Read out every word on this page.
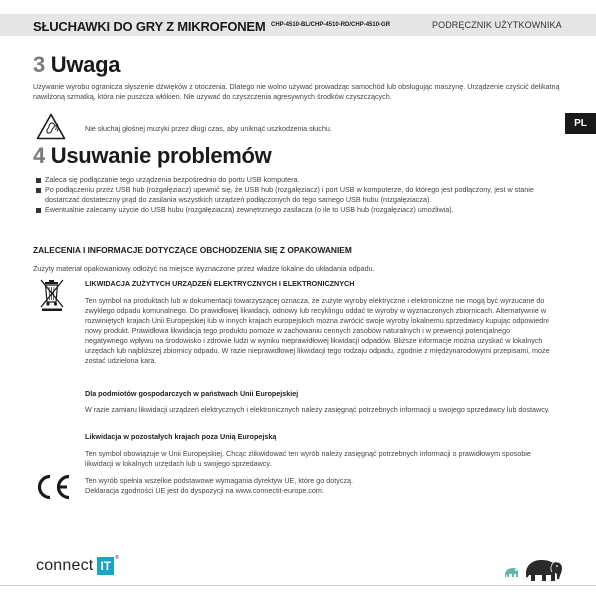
SŁUCHAWKI DO GRY Z MIKROFONEM CHP-4510-BL/CHP-4510-RD/CHP-4510-GR	PODRĘCZNIK UŻYTKOWNIKA
PL
3 Uwaga
Używanie wyrobu ogranicza słyszenie dźwięków z otoczenia. Dlatego nie wolno używać prowadząc samochód lub obsługując maszynę. Urządzenie czyścić delikatną nawilżoną szmatką, która nie puszcza włókien. Nie używać do czyszczenia agresywnych środków czyszczących.
Nie słuchaj głośnej muzyki przez długi czas, aby uniknąć uszkodzenia słuchu.
4 Usuwanie problemów
Zaleca się podłączanie tego urządzenia bezpośrednio do portu USB komputera.
Po podłączeniu przez USB hub (rozgałęziacz) upewnić się, że USB hub (rozgałęziacz) i port USB w komputerze, do którego jest podłączony, jest w stanie dostarczać dostateczny prąd do zasilania wszystkich urządzeń podłączonych do tego samego USB hubu (rozgałęziacza).
Ewentualnie zalecamy użycie do USB hubu (rozgałęziacza) zewnętrznego zasilacza (o ile to USB hub (rozgałęziacz) umożliwia).
ZALECENIA I INFORMACJE DOTYCZĄCE OBCHODZENIA SIĘ Z OPAKOWANIEM
Zużyty materiał opakowaniowy odłożyć na miejsce wyznaczone przez władze lokalne do układania odpadu.
LIKWIDACJA ZUŻYTYCH URZĄDZEŃ ELEKTRYCZNYCH I ELEKTRONICZNYCH
Ten symbol na produktach lub w dokumentacji towarzyszącej oznacza, że zużyte wyroby elektryczne i elektroniczne nie mogą być wyrzucane do zwykłego odpadu komunalnego. Do prawidłowej likwidacji, odnowy lub recyklingu oddać te wyroby w wyznaczonych zbiornicach. Alternatywnie w rozwiniętych krajach Unii Europejskiej lub w innych krajach europejskich można zwrócić swoje wyroby lokalnemu sprzedawcy kupując odpowiedni nowy produkt. Prawidłowa likwidacja tego produktu pomoże w zachowaniu cennych zasobów naturalnych i w prewencji potencjalnego negatywnego wpływu na środowisko i zdrowie ludzi w wyniku nieprawidłowej likwidacji odpadów. Bliższe informacje można uzyskać w lokalnych urzędach lub najbliższej zbiornicy odpadu. W razie nieprawidłowej likwidacji tego rodzaju odpadu, zgodnie z międzynarodowymi przepisami, może zostać udzielona kara.
Dla podmiotów gospodarczych w państwach Unii Europejskiej
W razie zamiaru likwidacji urządzeń elektrycznych i elektronicznych należy zasięgnąć potrzebnych informacji u swojego sprzedawcy lub dostawcy.
Likwidacja w pozostałych krajach poza Unią Europejską
Ten symbol obowiązuje w Unii Europejskiej. Chcąc zlikwidować ten wyrób należy zasięgnąć potrzebnych informacji o prawidłowym sposobie likwidacji w lokalnych urzędach lub u swojego sprzedawcy.
Ten wyrób spełnia wszelkie podstawowe wymagania dyrektyw UE, które go dotyczą.
Deklaracja zgodności UE jest do dyspozycji na www.connectit-europe.com.
connect IT
®
